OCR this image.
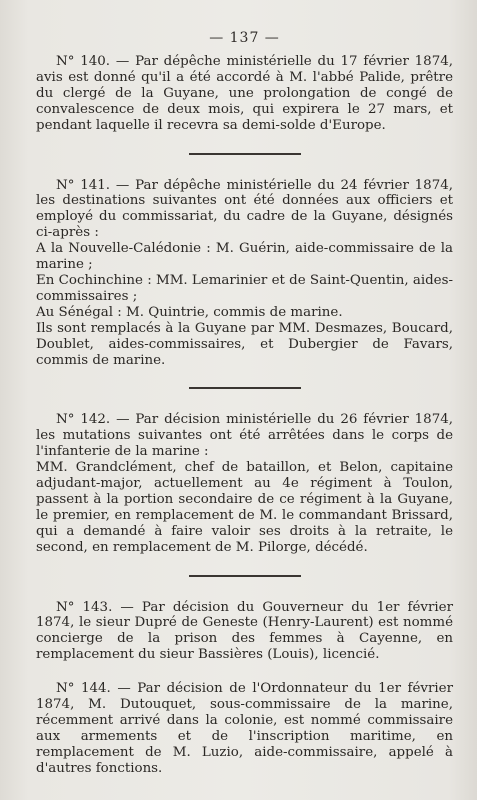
— 137 —

N° 140. — Par dépêche ministérielle du 17 février 1874, avis est donné qu'il a été accordé à M. l'abbé Palide, prêtre du clergé de la Guyane, une prolongation de congé de convalescence de deux mois, qui expirera le 27 mars, et pendant laquelle il recevra sa demi-solde d'Europe.

N° 141. — Par dépêche ministérielle du 24 février 1874, les destinations suivantes ont été données aux officiers et employé du commissariat, du cadre de la Guyane, désignés ci-après :

A la Nouvelle-Calédonie : M. Guérin, aide-commissaire de la marine ;

En Cochinchine : MM. Lemarinier et de Saint-Quentin, aides-commissaires ;

Au Sénégal : M. Quintrie, commis de marine.

Ils sont remplacés à la Guyane par MM. Desmazes, Boucard, Doublet, aides-commissaires, et Dubergier de Favars, commis de marine.

N° 142. — Par décision ministérielle du 26 février 1874, les mutations suivantes ont été arrêtées dans le corps de l'infanterie de la marine :

MM. Grandclément, chef de bataillon, et Belon, capitaine adjudant-major, actuellement au 4e régiment à Toulon, passent à la portion secondaire de ce régiment à la Guyane, le premier, en remplacement de M. le commandant Brissard, qui a demandé à faire valoir ses droits à la retraite, le second, en remplacement de M. Pilorge, décédé.

N° 143. — Par décision du Gouverneur du 1er février 1874, le sieur Dupré de Geneste (Henry-Laurent) est nommé concierge de la prison des femmes à Cayenne, en remplacement du sieur Bassières (Louis), licencié.

N° 144. — Par décision de l'Ordonnateur du 1er février 1874, M. Dutouquet, sous-commissaire de la marine, récemment arrivé dans la colonie, est nommé commissaire aux armements et de l'inscription maritime, en remplacement de M. Luzio, aide-commissaire, appelé à d'autres fonctions.
